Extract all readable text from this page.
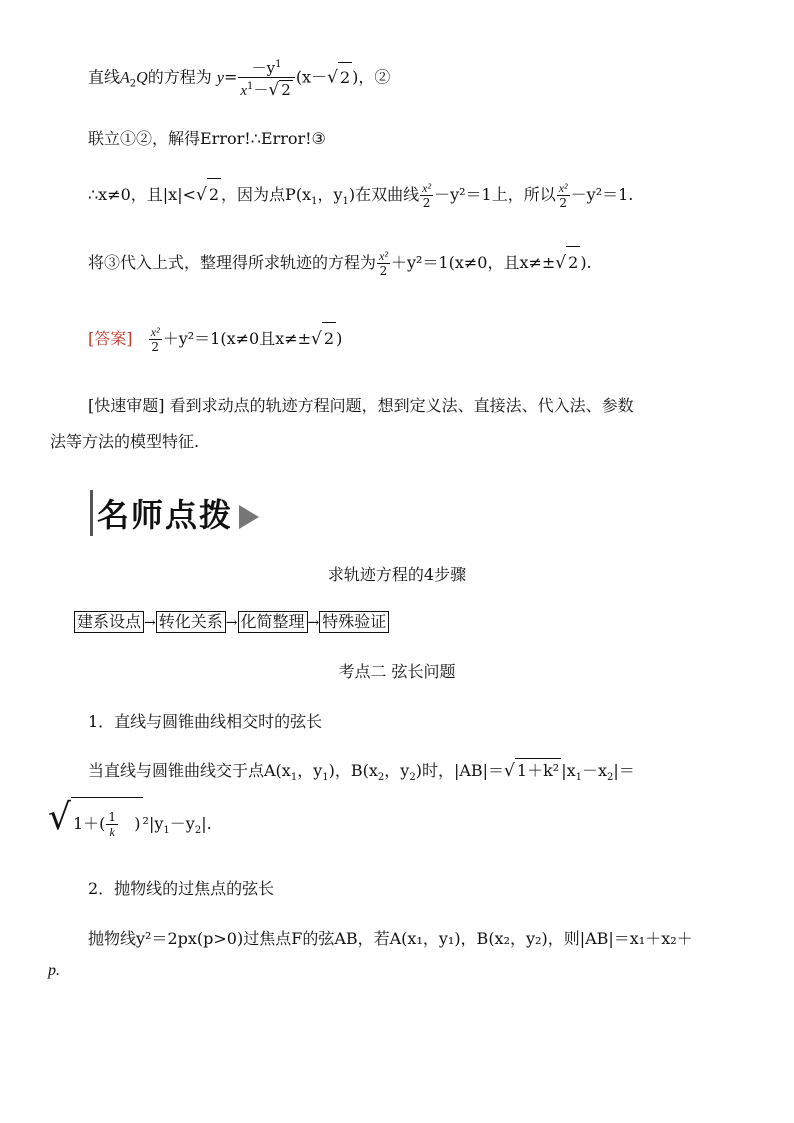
直线$A_2Q$的方程为 $y= \frac{-y^1}{x^1-√ 2} (x-√$ 2 )，②
联立①②，解得Error!∴Error!③
∴x≠0，且|x|<√ 2 ，因为点$P(x_1$，$y_1$)在双曲线 $\frac{\text{x²}}{2} -y^2=1$上，所以 $\frac{\text{x²}}{2} -y^2=1$.
将③代入上式，整理得所求轨迹的方程为 $\frac{\text{x²}}{2} +y^2=1(x\ne 0$，且x≠±√ 2 ).
[答案] $\frac{\text{x²}}{2} +y^2=1(x\ne 0$且x≠±√ 2 )
[快速审题] 看到求动点的轨迹方程问题，想到定义法、直接法、代入法、参数
法等方法的模型特征.
名师点拨
求轨迹方程的4步骤
建系设点 → 转化关系 → 化简整理 → 特殊验证
考点二 弦长问题
1．直线与圆锥曲线相交时的弦长
当直线与圆锥曲线交于点$A(x_1$，$y_1$)，$B(x_2$，$y_2$)时，|AB|＝√ 1＋k² $|x_1-x_2|=$
√ $1+( \frac{1}{k}$ ) $^2|y_1-y_2|$.
2．抛物线的过焦点的弦长
抛物线y²＝2px(p>0)过焦点F的弦AB，若A(x₁，y₁)，B(x₂，y₂)，则|AB|＝x₁＋x₂＋
p.
